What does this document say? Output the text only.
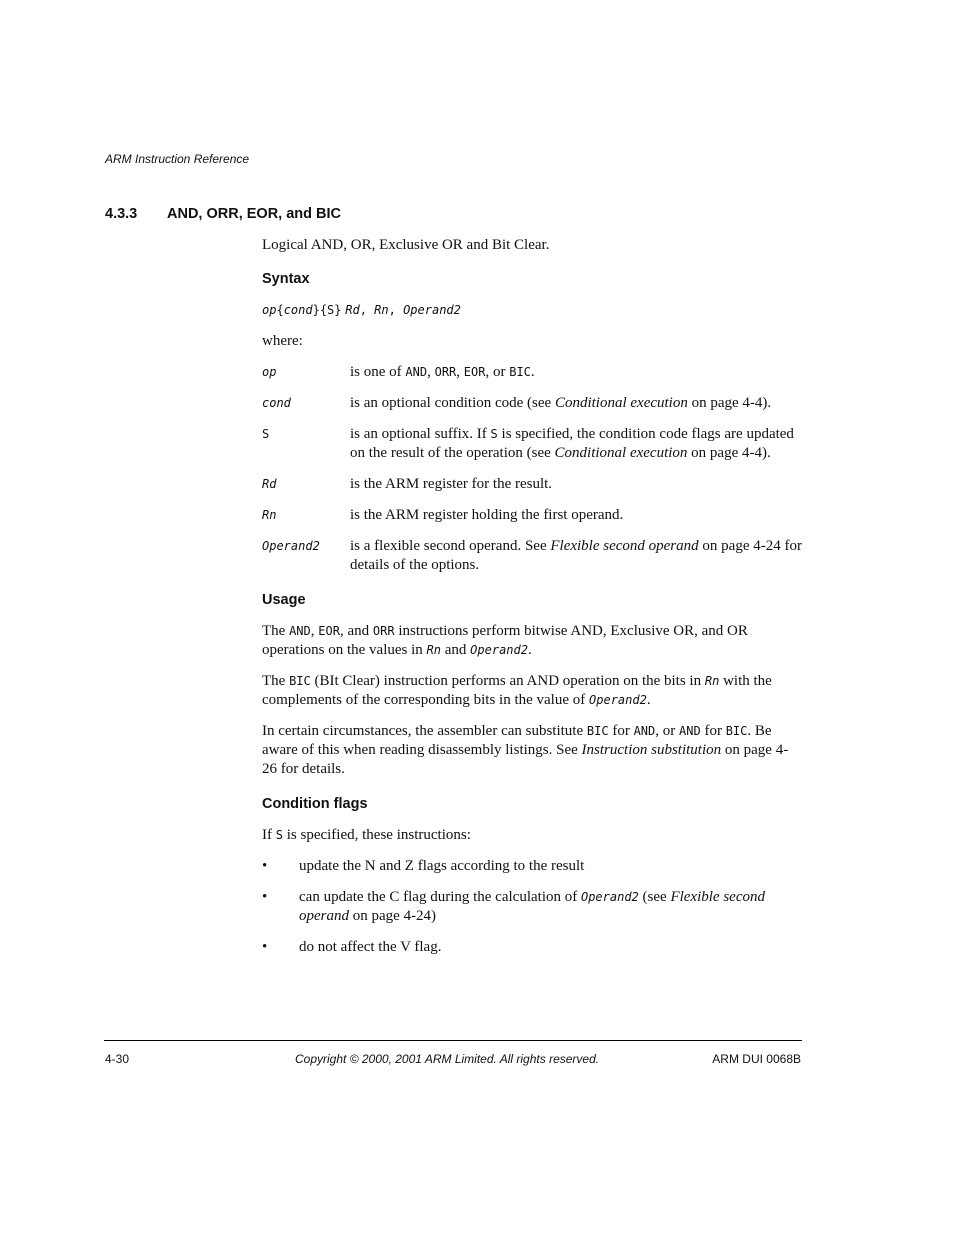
ARM Instruction Reference
4.3.3 AND, ORR, EOR, and BIC

Logical AND, OR, Exclusive OR and Bit Clear.

Syntax
op{cond}{S} Rd, Rn, Operand2

where:

op	is one of AND, ORR, EOR, or BIC.
cond	is an optional condition code (see Conditional execution on page 4-4).
S	is an optional suffix. If S is specified, the condition code flags are updated on the result of the operation (see Conditional execution on page 4-4).
Rd	is the ARM register for the result.
Rn	is the ARM register holding the first operand.
Operand2	is a flexible second operand. See Flexible second operand on page 4-24 for details of the options.
Usage

The AND, EOR, and ORR instructions perform bitwise AND, Exclusive OR, and OR operations on the values in Rn and Operand2.

The BIC (BIt Clear) instruction performs an AND operation on the bits in Rn with the complements of the corresponding bits in the value of Operand2.

In certain circumstances, the assembler can substitute BIC for AND, or AND for BIC. Be aware of this when reading disassembly listings. See Instruction substitution on page 4-26 for details.

Condition flags

If S is specified, these instructions:

•	update the N and Z flags according to the result
•	can update the C flag during the calculation of Operand2 (see Flexible second operand on page 4-24)
•	do not affect the V flag.
4-30	Copyright © 2000, 2001 ARM Limited. All rights reserved.	ARM DUI 0068B
